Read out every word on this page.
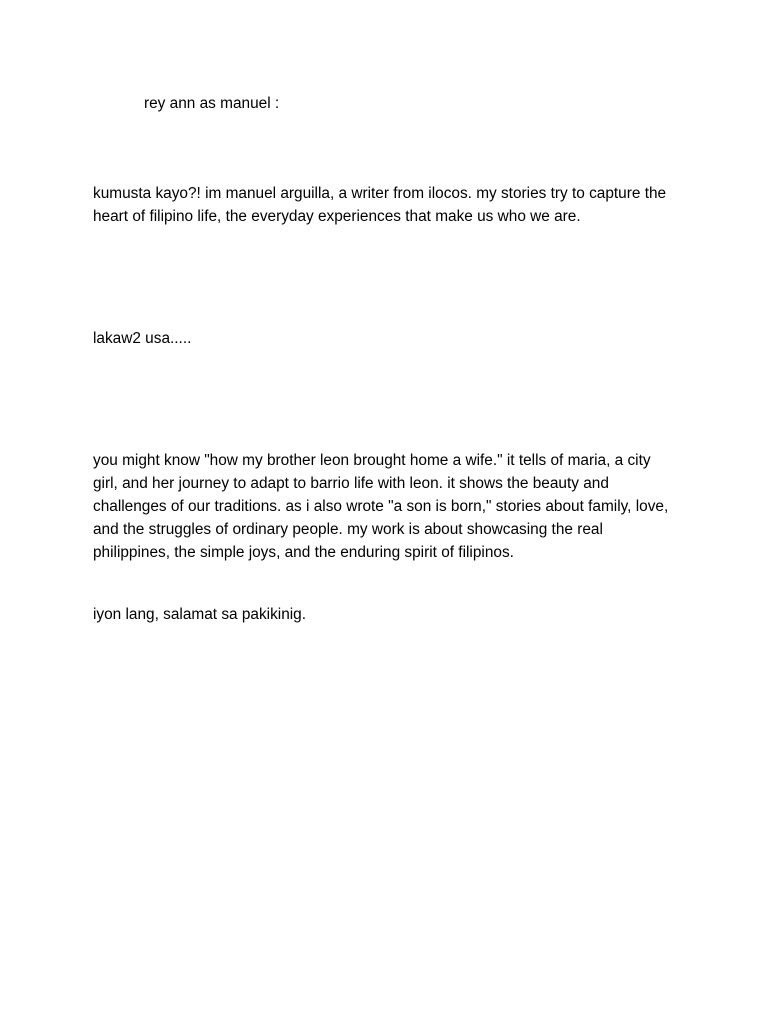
rey ann as manuel :

kumusta kayo?! im manuel arguilla, a writer from ilocos. my stories try to capture the heart of filipino life, the everyday experiences that make us who we are.

lakaw2 usa.....

you might know "how my brother leon brought home a wife." it tells of maria, a city girl, and her journey to adapt to barrio life with leon. it shows the beauty and challenges of our traditions. as i also wrote "a son is born," stories about family, love, and the struggles of ordinary people. my work is about showcasing the real philippines, the simple joys, and the enduring spirit of filipinos.

iyon lang, salamat sa pakikinig.
